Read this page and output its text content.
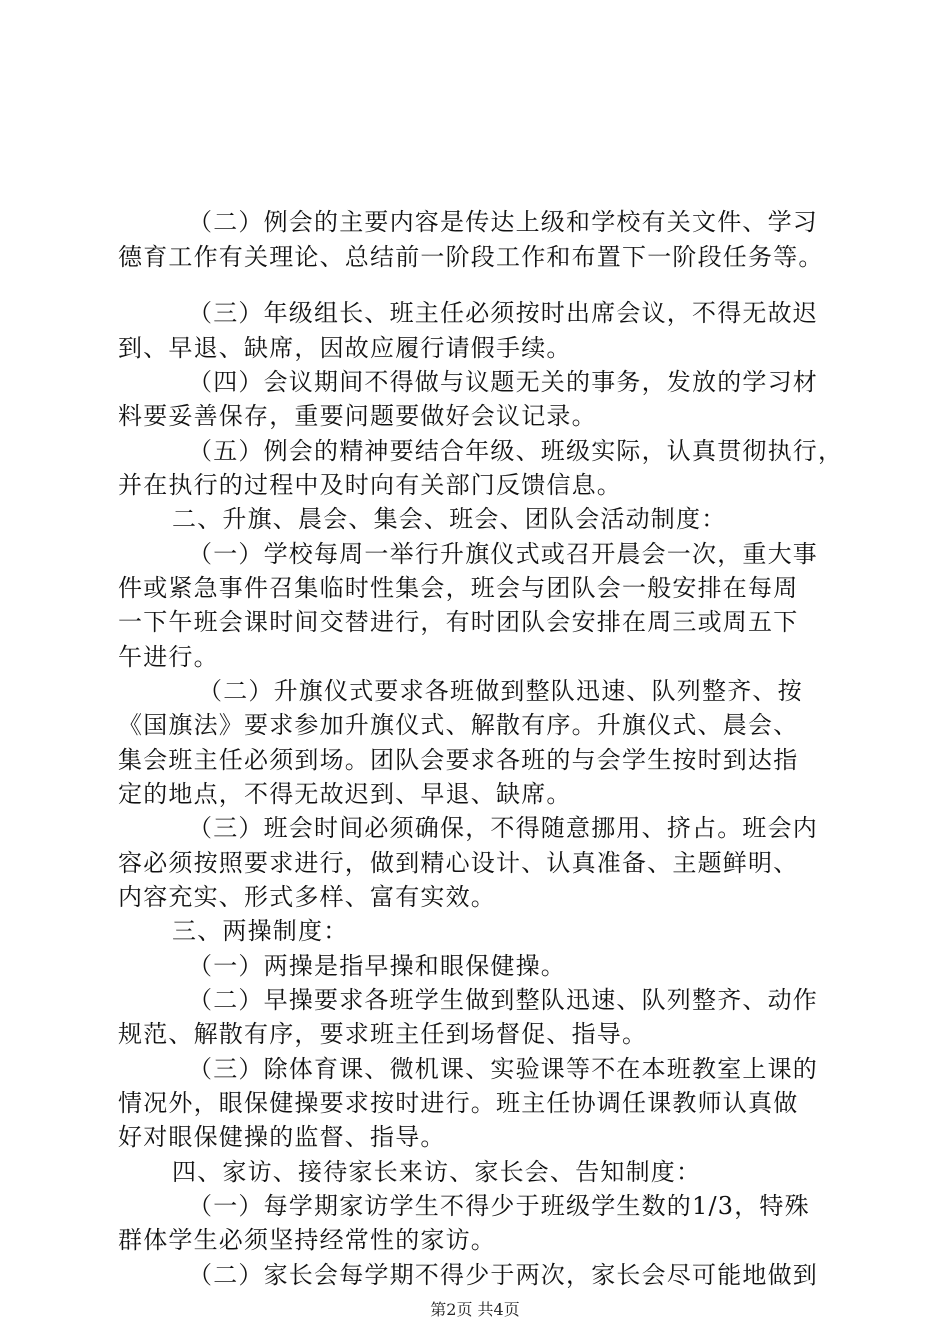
（二）例会的主要内容是传达上级和学校有关文件、学习
德育工作有关理论、总结前一阶段工作和布置下一阶段任务等。
（三）年级组长、班主任必须按时出席会议，不得无故迟
到、早退、缺席，因故应履行请假手续。
（四）会议期间不得做与议题无关的事务，发放的学习材
料要妥善保存，重要问题要做好会议记录。
（五）例会的精神要结合年级、班级实际，认真贯彻执行，
并在执行的过程中及时向有关部门反馈信息。
二、升旗、晨会、集会、班会、团队会活动制度：
（一）学校每周一举行升旗仪式或召开晨会一次，重大事
件或紧急事件召集临时性集会，班会与团队会一般安排在每周
一下午班会课时间交替进行，有时团队会安排在周三或周五下
午进行。
（二）升旗仪式要求各班做到整队迅速、队列整齐、按
《国旗法》要求参加升旗仪式、解散有序。升旗仪式、晨会、
集会班主任必须到场。团队会要求各班的与会学生按时到达指
定的地点，不得无故迟到、早退、缺席。
（三）班会时间必须确保，不得随意挪用、挤占。班会内
容必须按照要求进行，做到精心设计、认真准备、主题鲜明、
内容充实、形式多样、富有实效。
三、两操制度：
（一）两操是指早操和眼保健操。
（二）早操要求各班学生做到整队迅速、队列整齐、动作
规范、解散有序，要求班主任到场督促、指导。
（三）除体育课、微机课、实验课等不在本班教室上课的
情况外，眼保健操要求按时进行。班主任协调任课教师认真做
好对眼保健操的监督、指导。
四、家访、接待家长来访、家长会、告知制度：
（一）每学期家访学生不得少于班级学生数的1/3，特殊
群体学生必须坚持经常性的家访。
（二）家长会每学期不得少于两次，家长会尽可能地做到
第2页 共4页
